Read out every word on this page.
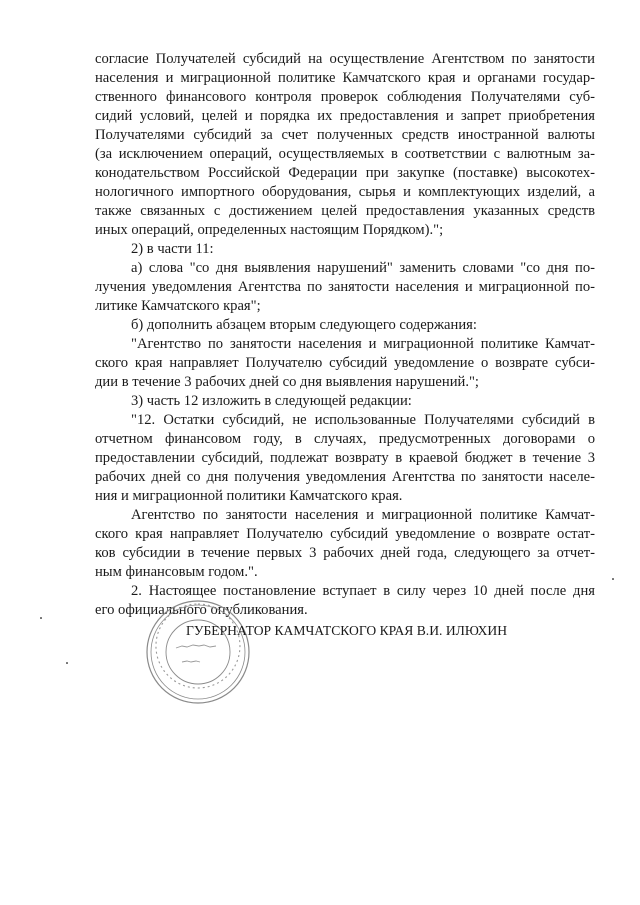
согласие Получателей субсидий на осуществление Агентством по занятости
населения и миграционной политике Камчатского края и органами государ-
ственного финансового контроля проверок соблюдения Получателями суб-
сидий условий, целей и порядка их предоставления и запрет приобретения
Получателями субсидий за счет полученных средств иностранной валюты
(за исключением операций, осуществляемых в соответствии с валютным за-
конодательством Российской Федерации при закупке (поставке) высокотех-
нологичного импортного оборудования, сырья и комплектующих изделий, а
также связанных с достижением целей предоставления указанных средств
иных операций, определенных настоящим Порядком).";
2) в части 11:
а) слова "со дня выявления нарушений" заменить словами "со дня по-
лучения уведомления Агентства по занятости населения и миграционной по-
литике Камчатского края";
б) дополнить абзацем вторым следующего содержания:
"Агентство по занятости населения и миграционной политике Камчат-
ского края направляет Получателю субсидий уведомление о возврате субси-
дии в течение 3 рабочих дней со дня выявления нарушений.";
3) часть 12 изложить в следующей редакции:
"12. Остатки субсидий, не использованные Получателями субсидий в
отчетном финансовом году, в случаях, предусмотренных договорами о
предоставлении субсидий, подлежат возврату в краевой бюджет в течение 3
рабочих дней со дня получения уведомления Агентства по занятости населе-
ния и миграционной политики Камчатского края.
Агентство по занятости населения и миграционной политике Камчат-
ского края направляет Получателю субсидий уведомление о возврате остат-
ков субсидии в течение первых 3 рабочих дней года, следующего за отчет-
ным финансовым годом.".
2. Настоящее постановление вступает в силу через 10 дней после дня
его официального опубликования.
ГУБЕРНАТОР КАМЧАТСКОГО КРАЯ В.И. ИЛЮХИН
